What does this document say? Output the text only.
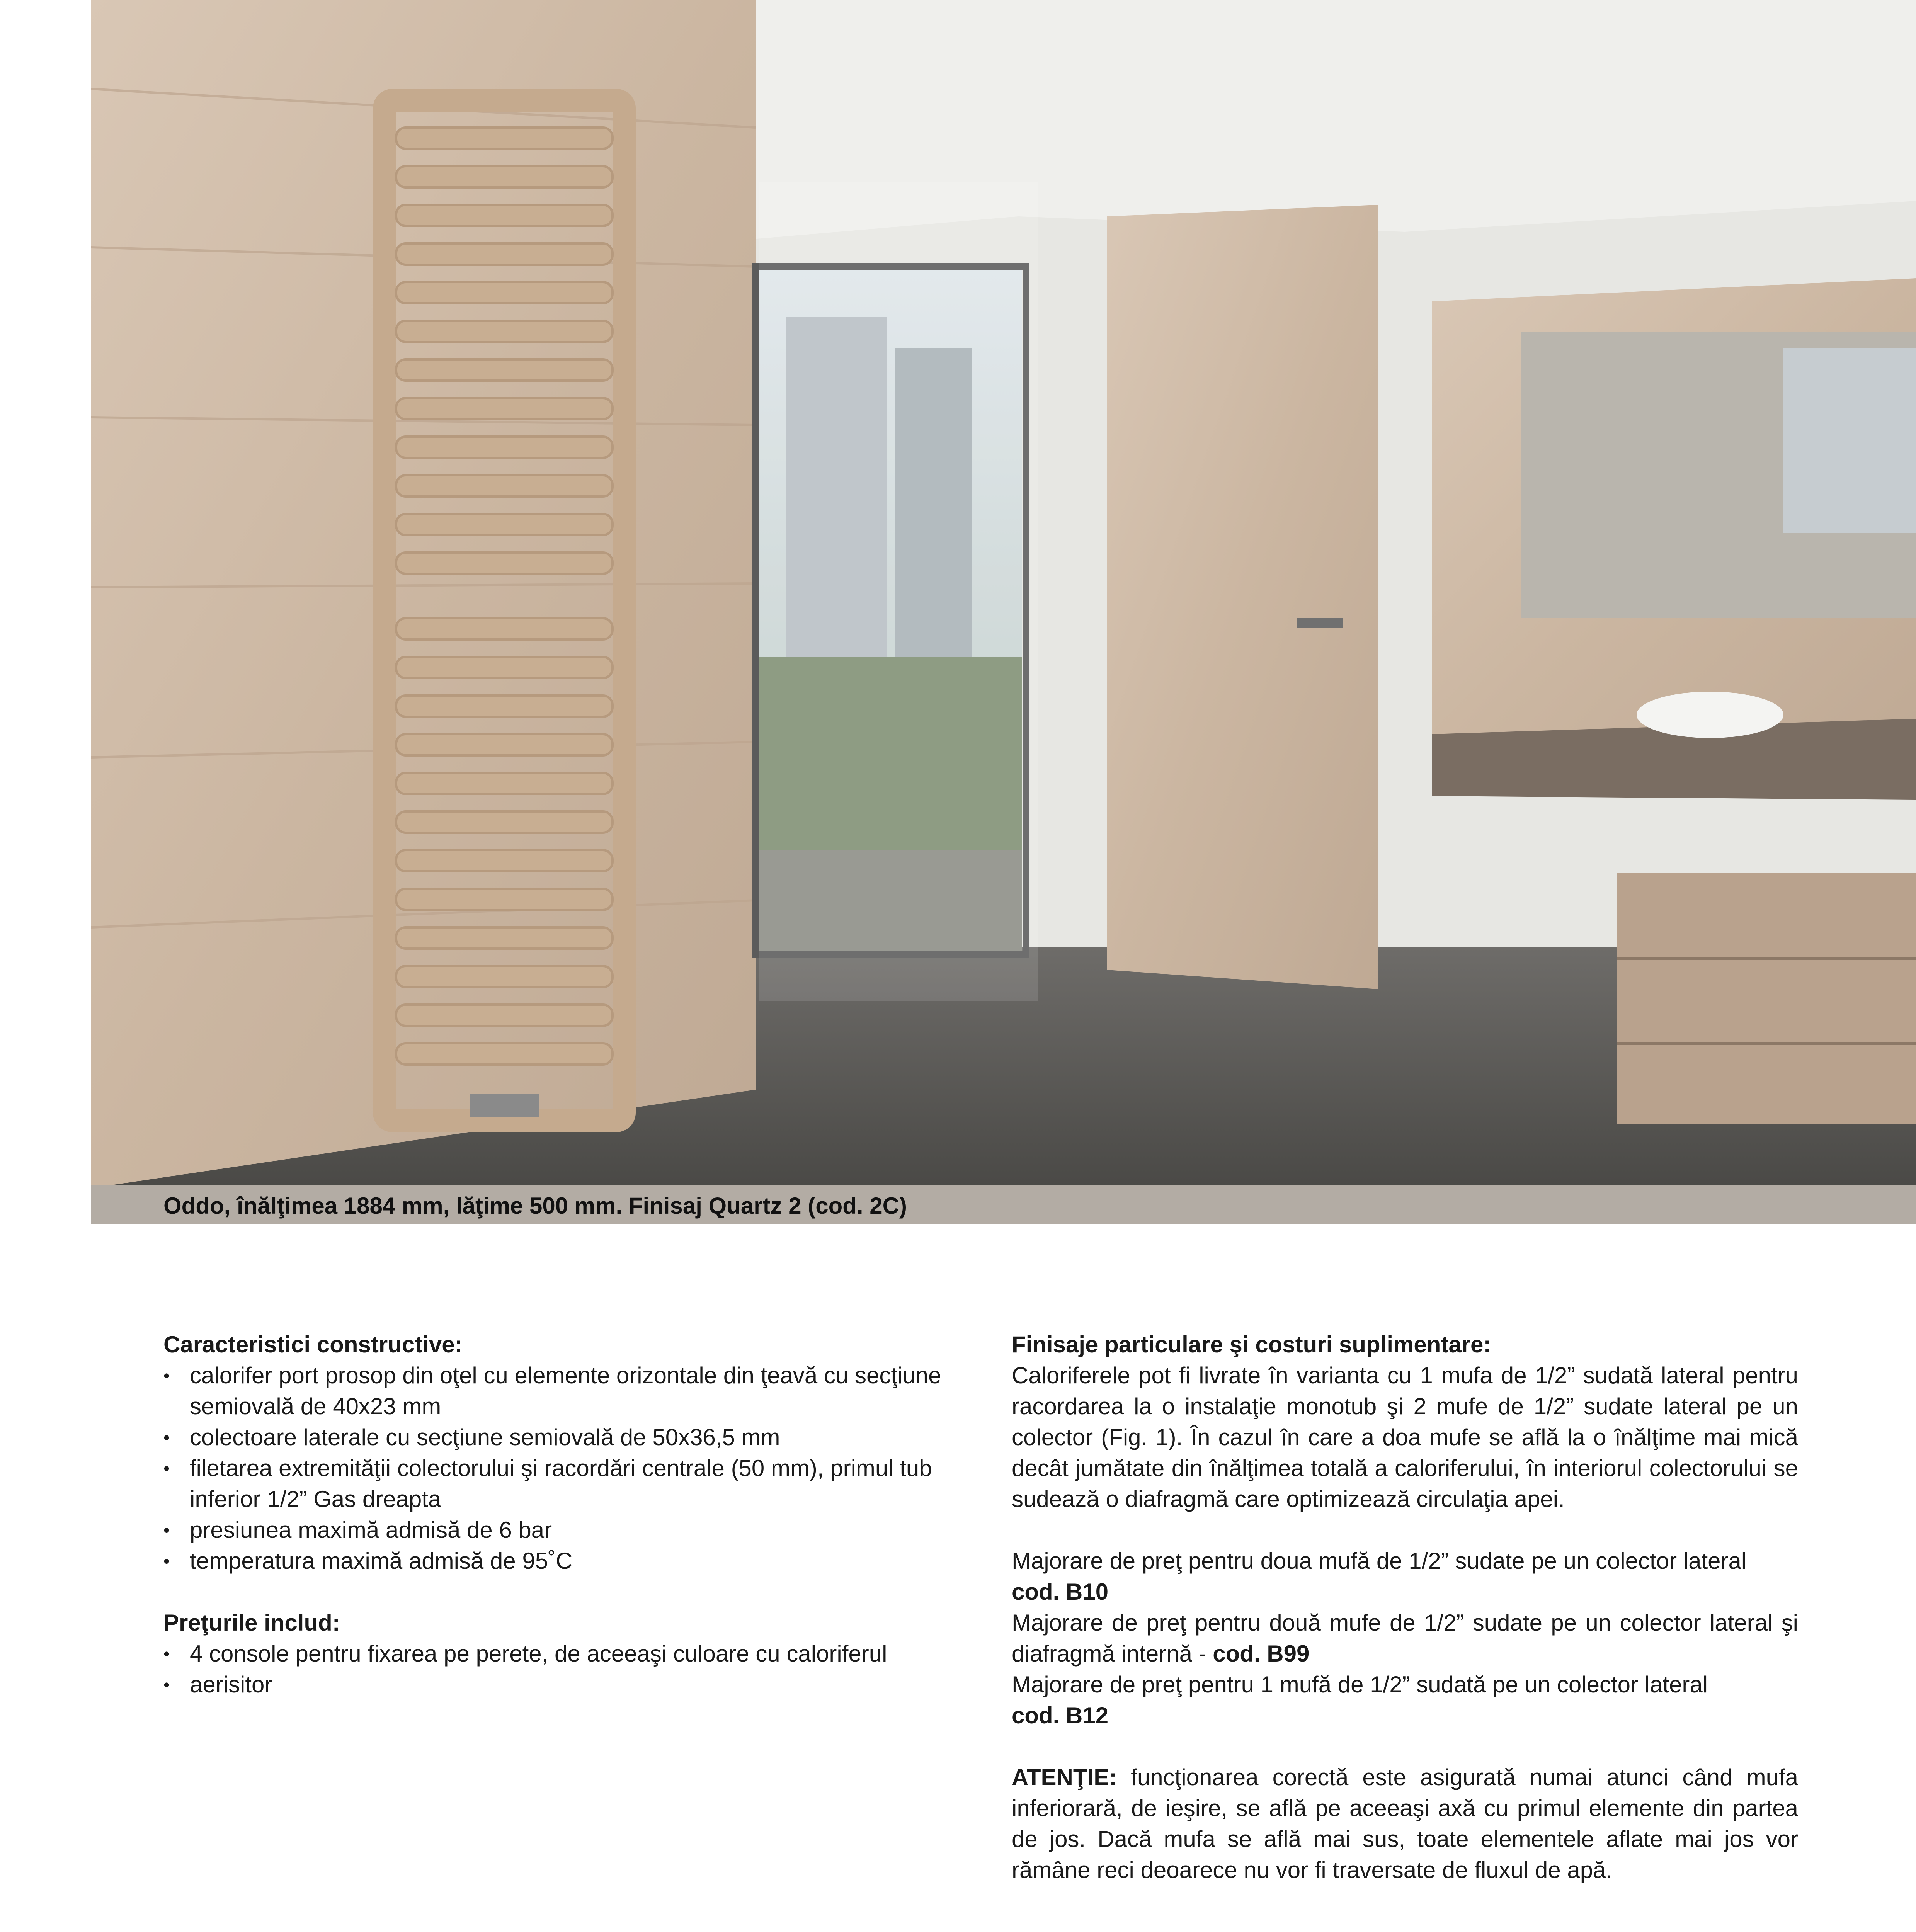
Oddo, înălţimea 1884 mm, lăţime 500 mm. Finisaj Quartz 2 (cod. 2C)

Caracteristici constructive:

• calorifer port prosop din oţel cu elemente orizontale din ţeavă cu secţiune semiovală de 40x23 mm
• colectoare laterale cu secţiune semiovală de 50x36,5 mm
• filetarea extremităţii colectorului şi racordări centrale (50 mm), primul tub inferior 1/2” Gas dreapta
• presiunea maximă admisă de 6 bar
• temperatura maximă admisă de 95˚C

Preţurile includ:

• 4 console pentru fixarea pe perete, de aceeaşi culoare cu caloriferul
• aerisitor

Finisaje particulare şi costuri suplimentare:

Caloriferele pot fi livrate în varianta cu 1 mufa de 1/2” sudată lateral pentru racordarea la o instalaţie monotub şi 2 mufe de 1/2” sudate lateral pe un colector (Fig. 1). În cazul în care a doa mufe se află la o înălţime mai mică decât jumătate din înălţimea totală a caloriferului, în interiorul colectorului se sudează o diafragmă care optimizează circulaţia apei.

Majorare de preţ pentru doua mufă de 1/2” sudate pe un colector lateral

cod. B10

Majorare de preţ pentru două mufe de 1/2” sudate pe un colector lateral şi diafragmă internă - cod. B99

Majorare de preţ pentru 1 mufă de 1/2” sudată pe un colector lateral

cod. B12

ATENŢIE: funcţionarea corectă este asigurată numai atunci când mufa inferiorară, de ieşire, se află pe aceeaşi axă cu primul elemente din partea de jos. Dacă mufa se află mai sus, toate elementele aflate mai jos vor rămâne reci deoarece nu vor fi traversate de fluxul de apă.
